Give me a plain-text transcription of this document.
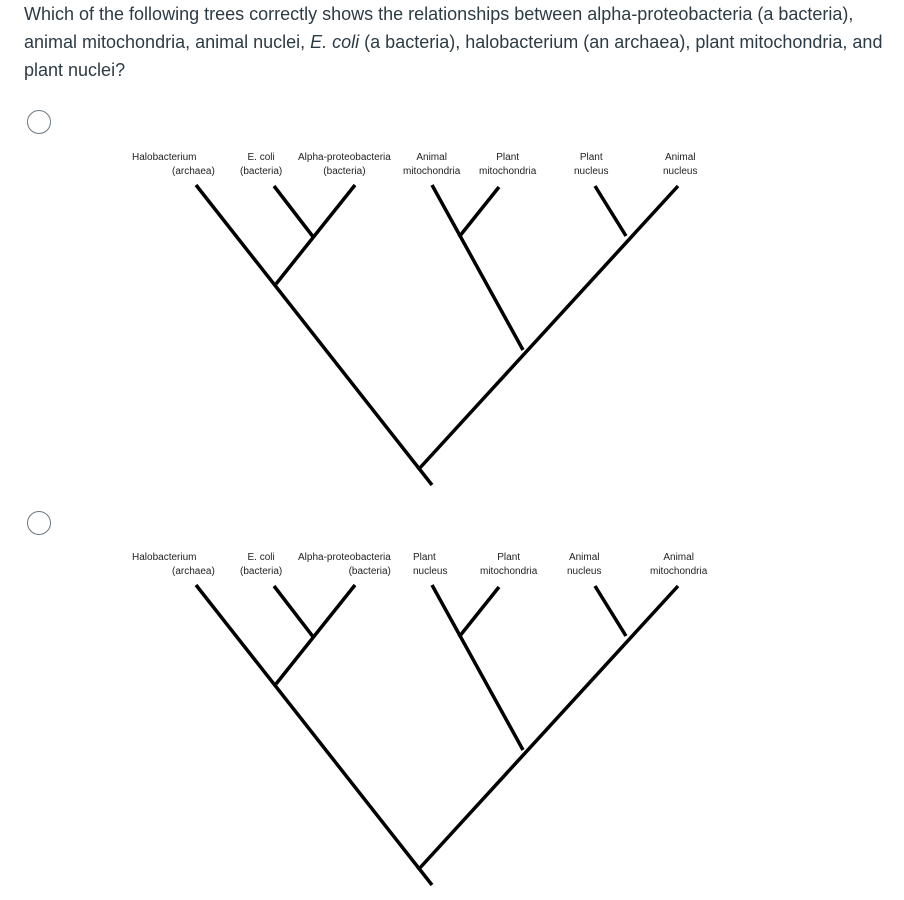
Which of the following trees correctly shows the relationships between alpha-proteobacteria (a bacteria), animal mitochondria, animal nuclei, E. coli (a bacteria), halobacterium (an archaea), plant mitochondria, and plant nuclei?
Halobacterium
(archaea)
E. coli
(bacteria)
Alpha-proteobacteria
(bacteria)
Animal
mitochondria
Plant
mitochondria
Plant
nucleus
Animal
nucleus
Halobacterium
(archaea)
E. coli
(bacteria)
Alpha-proteobacteria
(bacteria)
Plant
nucleus
Plant
mitochondria
Animal
nucleus
Animal
mitochondria
